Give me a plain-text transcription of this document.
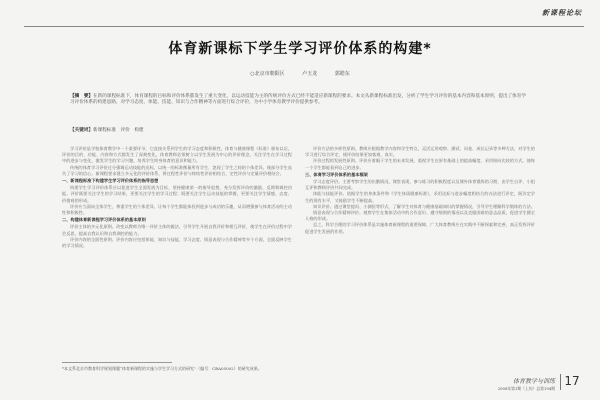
新课程论坛
体育新课标下学生学习评价体系的构建*
○北京市朝阳区	卢玉龙	郭皓东
【摘　要】在新的课程标准下，体育课程的目标和评价体系都发生了重大变化，以运动技能为主的传统评价方式已经不能适应新课程的要求。本文从新课程标准出发，分析了学生学习评价的基本内容和基本原则，提出了体育学习评价体系的构建思路，对学习态度、体能、技能、知识与合作精神等方面进行综合评价，为中小学体育教学评价提供参考。
【关键词】新课程标准　评价　构建

学习评价是学校体育教学中一个重要环节，它直接关系到学生的学习态度和积极性。体育与健康课程《标准》颁布以后，评价的目的、功能、内容和方式都发生了深刻变化，体育教师必须树立以学生发展为中心的评价理念，关注学生在学习过程中的进步与变化，激发学生的学习兴趣，培养学生终身体育的意识和能力。

传统的体育学习评价过分强调运动技能的达标，以统一的标准衡量所有学生，忽视了学生之间的个体差异，使部分学生丧失了学习的信心。新课程要求建立多元化的评价体系，将过程性评价与终结性评价相结合，定性评价与定量评价相结合。

一、新课程标准下构建学生学习评价体系的指导思想

构建学生学习评价体系应以促进学生全面发展为目标，坚持健康第一的指导思想，充分发挥评价的激励、反馈和调控功能。评价既要关注学生的学习结果，更要关注学生的学习过程；既要关注学生运动技能的掌握，更要关注学生情感、态度、价值观的形成。

评价应当面向全体学生，尊重学生的个体差异，让每个学生都能体验到进步与成功的乐趣，从而增强参与体育活动的主动性和积极性。

二、构建体育新课程学习评价体系的基本原则

评价主体的多元化原则。改变以教师为唯一评价主体的做法，引导学生开展自我评价和相互评价，使学生在评价过程中学会反思，提高自我认识和自我调控的能力。

评价内容的全面性原则。评价内容应包括体能、知识与技能、学习态度、情意表现与合作精神等多个方面，全面反映学生的学习情况。

评价方法的多样性原则。教师应根据教学内容和学生特点，灵活运用观察、测试、问卷、成长记录等多种方法，对学生的学习进行综合评定，使评价结果更加客观、真实。

评价过程的发展性原则。评价应着眼于学生的未来发展，重视学生在原有基础上的提高幅度，采用纵向比较的方式，使每一个学生都能看到自己的进步。

三、体育学习评价体系的基本框架

学习态度评价。主要考察学生的出勤情况、课堂表现、参与练习的积极程度以及课外体育锻炼的习惯，由学生自评、小组互评和教师评价共同完成。

体能与技能评价。依据学生的身体条件和《学生体质健康标准》，采用达标与进步幅度相结合的办法进行评定，既肯定学生的现有水平，又鼓励学生不断提高。

知识评价。通过课堂提问、小测验等形式，了解学生对体育与健康基础知识的掌握情况，引导学生理解科学锻炼的方法。

情意表现与合作精神评价。观察学生在集体活动中的合作意识、遵守规则的情况以及克服困难的意志品质，促进学生健全人格的形成。

总之，科学合理的学习评价体系是实施体育新课程的重要保障，广大体育教师应在实践中不断探索和完善，真正发挥评价促进学生发展的作用。

*本文系北京市教育科学规划课题“体育新课程的实施与学生学习方式的研究”（编号：CBA05002）的研究成果。
体育教学与训练
2008年第1期（上旬）总第194期
17
